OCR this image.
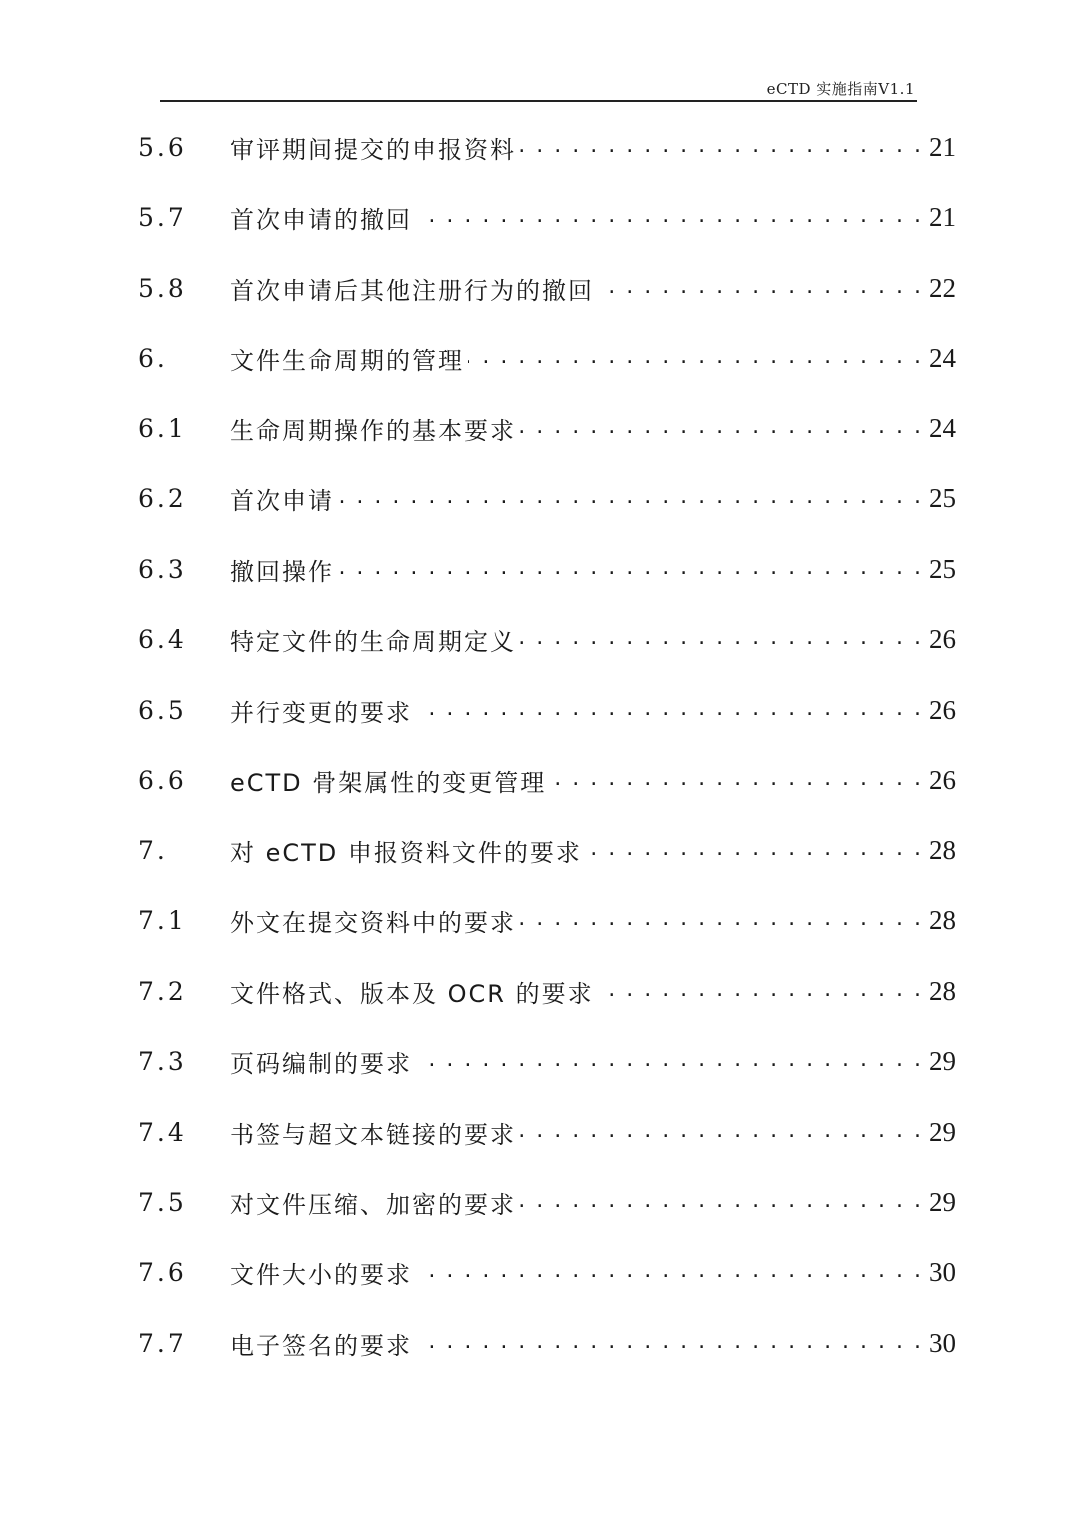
eCTD 实施指南V1.1
5.6	审评期间提交的申报资料 . . .	21
5.7	首次申请的撤回 . . .	21
5.8	首次申请后其他注册行为的撤回 . . .	22
6.	文件生命周期的管理 . . .	24
6.1	生命周期操作的基本要求 . . .	24
6.2	首次申请 . . .	25
6.3	撤回操作 . . .	25
6.4	特定文件的生命周期定义 . . .	26
6.5	并行变更的要求 . . .	26
6.6	eCTD 骨架属性的变更管理 . . .	26
7.	对 eCTD 申报资料文件的要求 . . .	28
7.1	外文在提交资料中的要求 . . .	28
7.2	文件格式、版本及 OCR 的要求 . . .	28
7.3	页码编制的要求 . . .	29
7.4	书签与超文本链接的要求 . . .	29
7.5	对文件压缩、加密的要求 . . .	29
7.6	文件大小的要求 . . .	30
7.7	电子签名的要求 . . .	30
